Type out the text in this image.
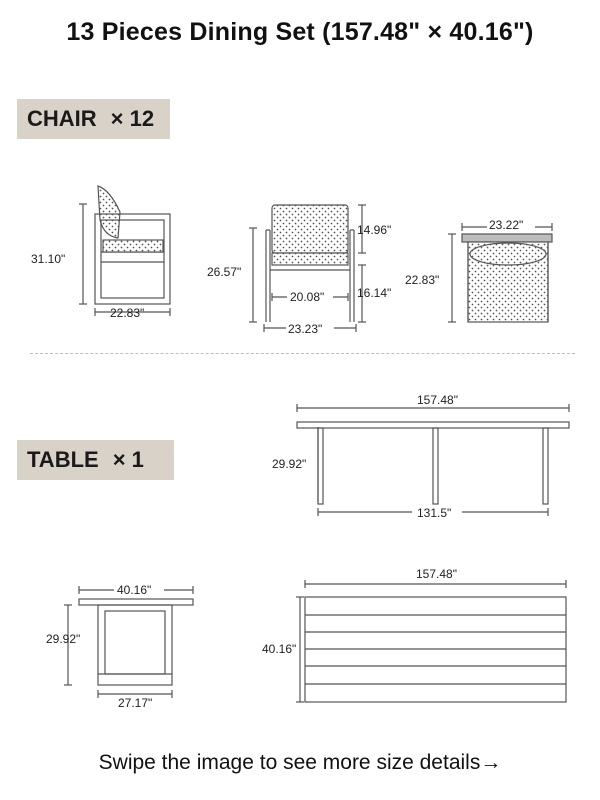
13 Pieces Dining Set (157.48" × 40.16")
CHAIR × 12
TABLE × 1
31.10"
22.83"
26.57"
14.96"
16.14"
20.08"
23.23"
23.22"
22.83"
157.48"
29.92"
131.5"
40.16"
29.92"
27.17"
157.48"
40.16"
Swipe the image to see more size details→
